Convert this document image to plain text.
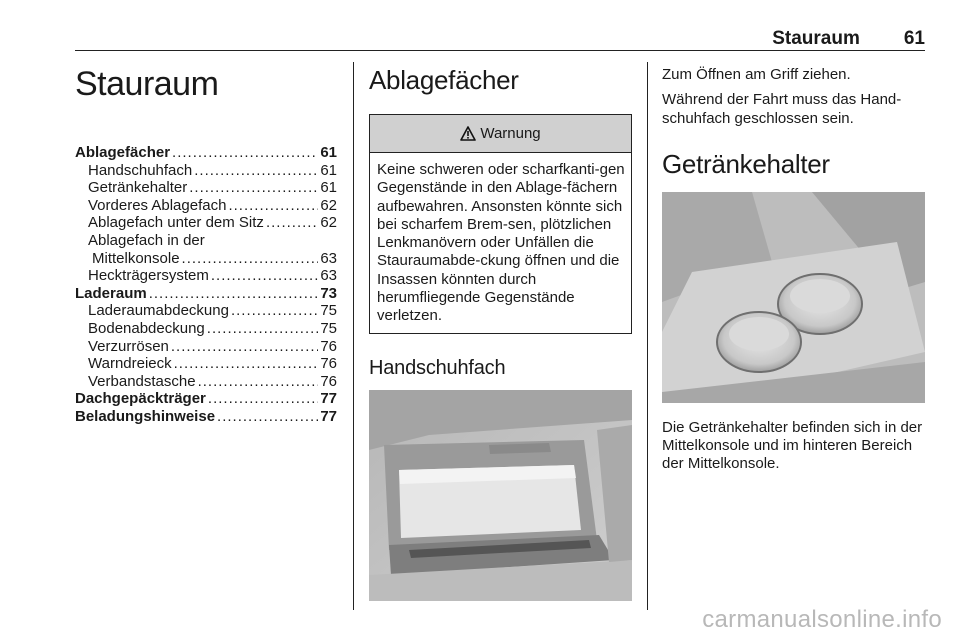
Stauraum 61
Stauraum
Ablagefächer .....	61
Handschuhfach .....	61
Getränkehalter .....	61
Vorderes Ablagefach .....	62
Ablagefach unter dem Sitz .....	62
Ablagefach in der
Mittelkonsole .....	63
Heckträgersystem .....	63
Laderaum .....	73
Laderaumabdeckung .....	75
Bodenabdeckung .....	75
Verzurrösen .....	76
Warndreieck .....	76
Verbandstasche .....	76
Dachgepäckträger .....	77
Beladungshinweise .....	77
Ablagefächer
Warnung
Keine schweren oder scharfkanti-gen Gegenstände in den Ablage-fächern aufbewahren. Ansonsten könnte sich bei scharfem Brem-sen, plötzlichen Lenkmanövern oder Unfällen die Stauraumabde-ckung öffnen und die Insassen könnten durch herumfliegende Gegenstände verletzen.
Handschuhfach

Zum Öffnen am Griff ziehen.

Während der Fahrt muss das Hand-schuhfach geschlossen sein.

Getränkehalter

Die Getränkehalter befinden sich in der Mittelkonsole und im hinteren Bereich der Mittelkonsole.

carmanualsonline.info
